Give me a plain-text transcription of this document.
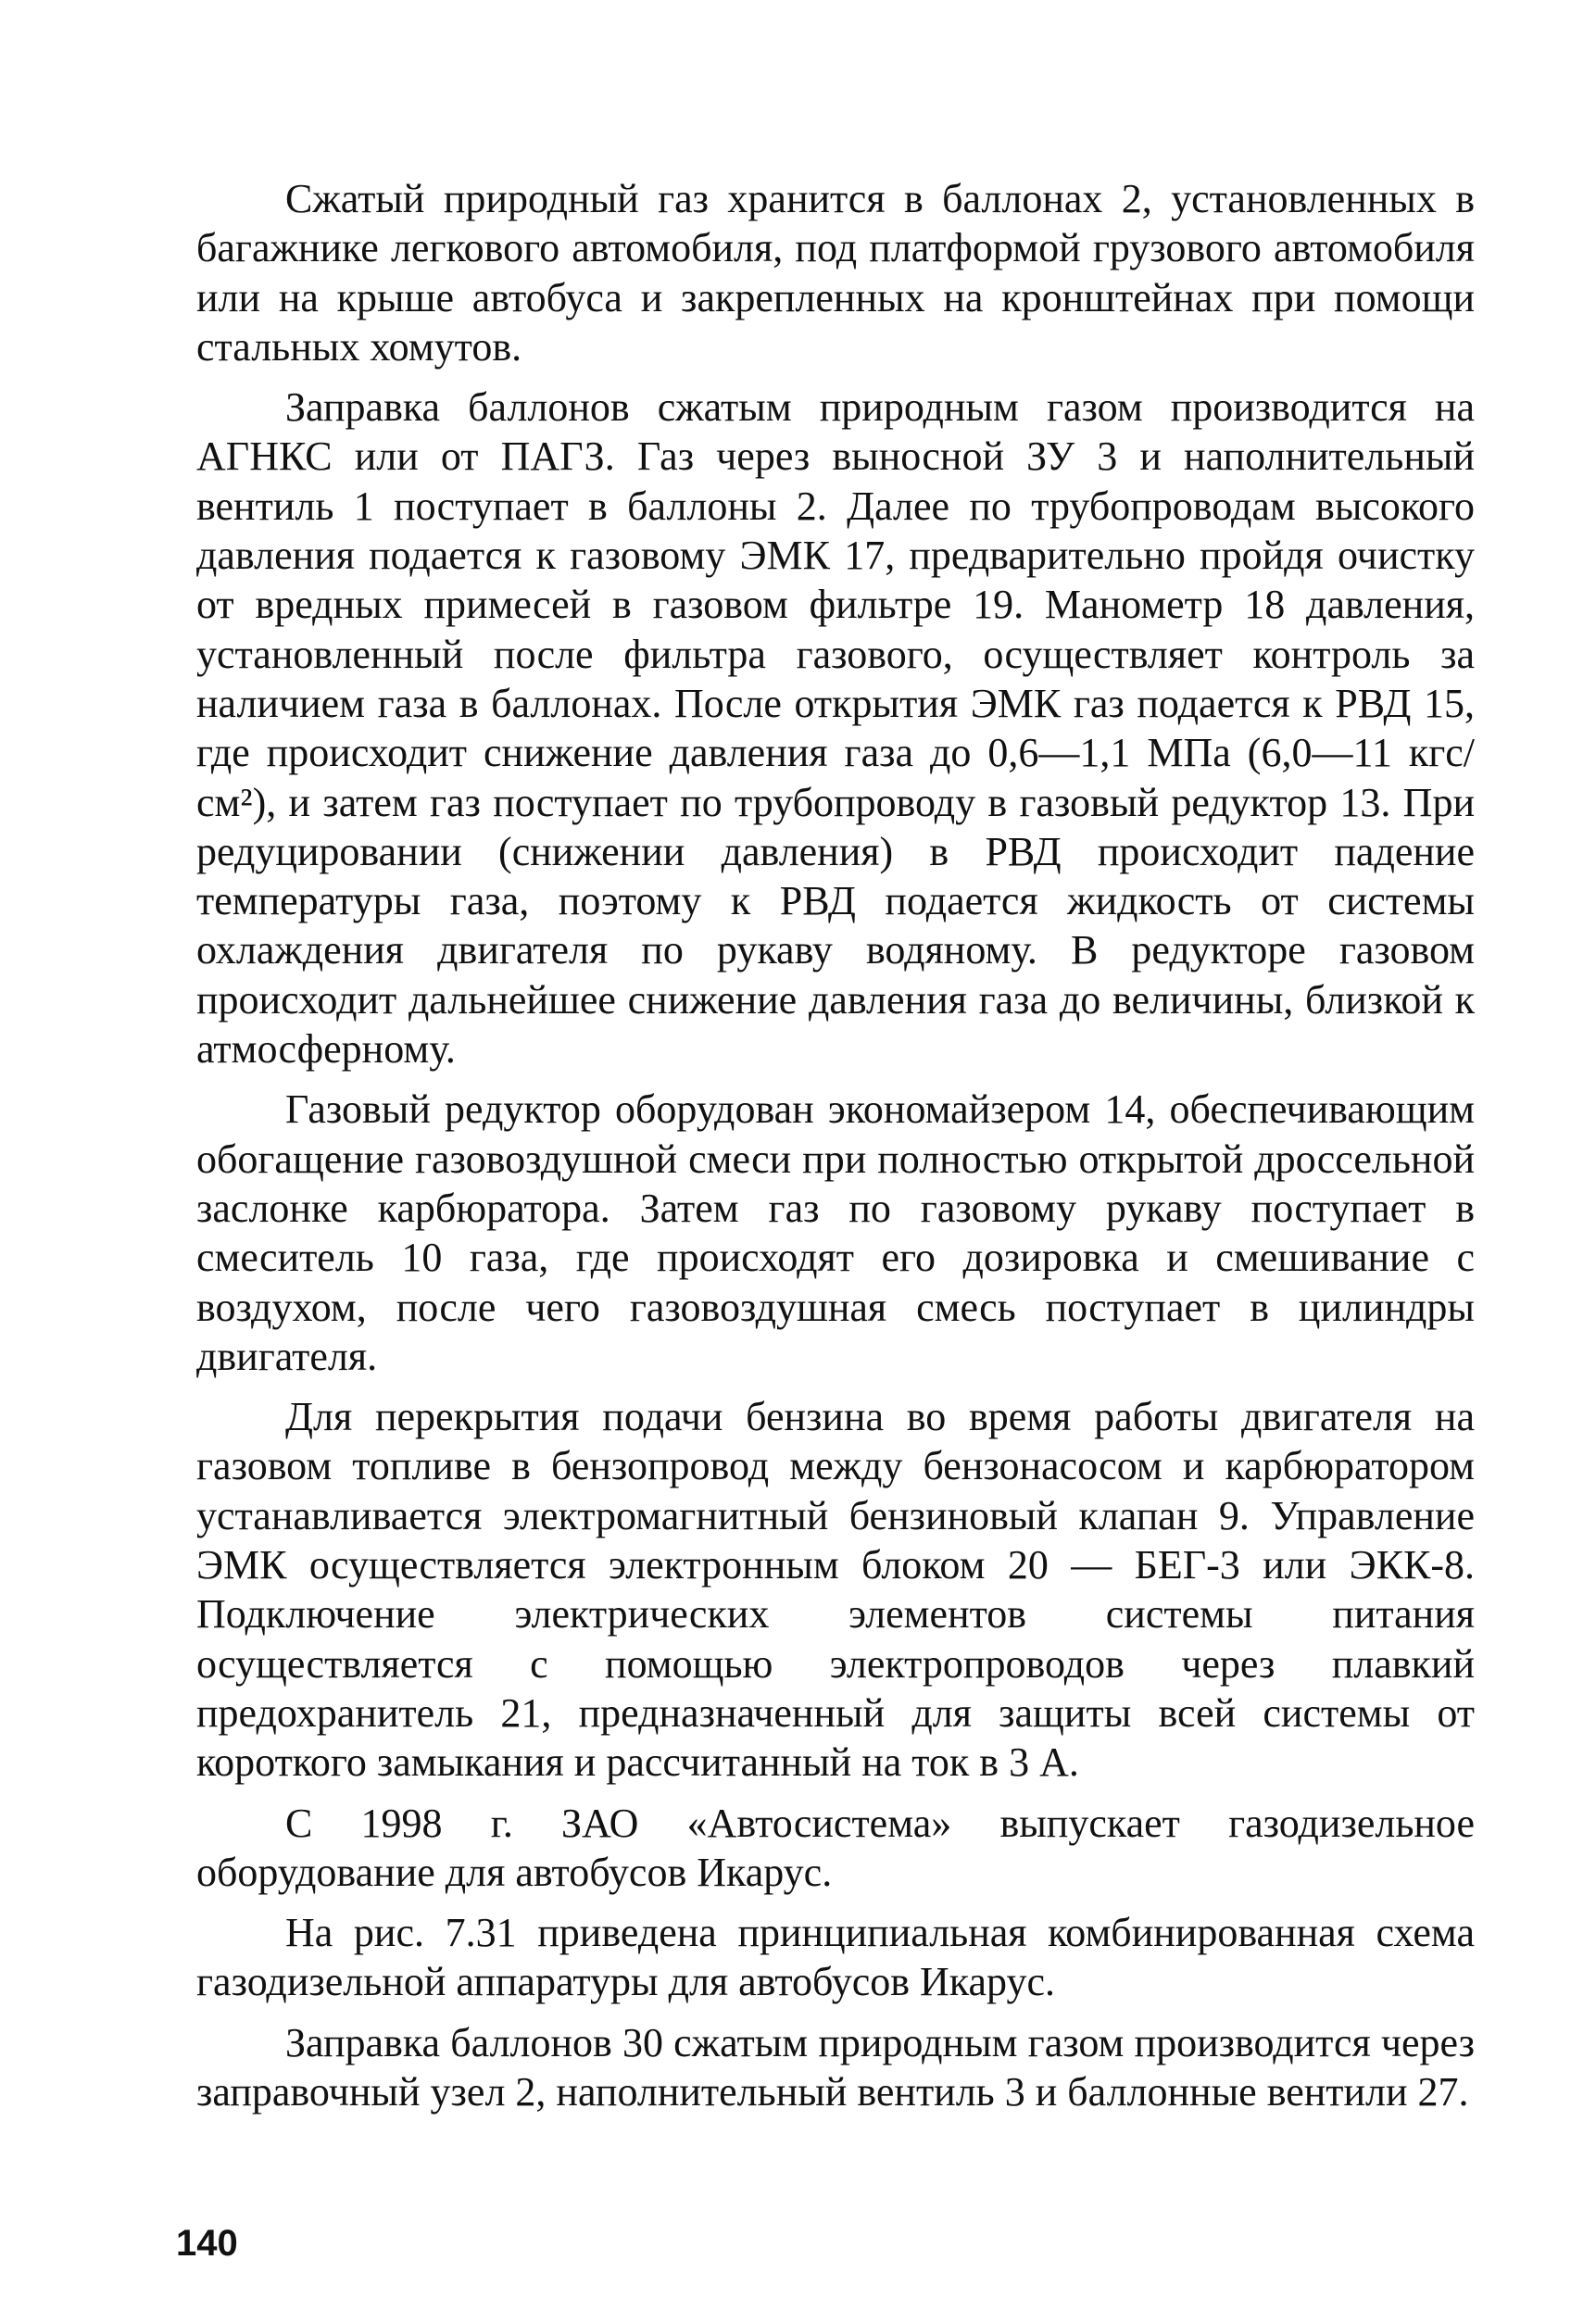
Сжатый природный газ хранится в баллонах 2, установленных в багажнике легкового автомобиля, под платформой грузового автомобиля или на крыше автобуса и закрепленных на кронштейнах при помощи стальных хомутов.

Заправка баллонов сжатым природным газом производится на АГНКС или от ПАГЗ. Газ через выносной ЗУ 3 и наполнительный вентиль 1 поступает в баллоны 2. Далее по трубопроводам высокого давления подается к газовому ЭМК 17, предварительно пройдя очистку от вредных примесей в газовом фильтре 19. Манометр 18 давления, установленный после фильтра газового, осуществляет контроль за наличием газа в баллонах. После открытия ЭМК газ подается к РВД 15, где происходит снижение давления газа до 0,6—1,1 МПа (6,0—11 кгс/см²), и затем газ поступает по трубопроводу в газовый редуктор 13. При редуцировании (снижении давления) в РВД происходит падение температуры газа, поэтому к РВД подается жидкость от системы охлаждения двигателя по рукаву водяному. В редукторе газовом происходит дальнейшее снижение давления газа до величины, близкой к атмосферному.

Газовый редуктор оборудован экономайзером 14, обеспечивающим обогащение газовоздушной смеси при полностью открытой дроссельной заслонке карбюратора. Затем газ по газовому рукаву поступает в смеситель 10 газа, где происходят его дозировка и смешивание с воздухом, после чего газовоздушная смесь поступает в цилиндры двигателя.

Для перекрытия подачи бензина во время работы двигателя на газовом топливе в бензопровод между бензонасосом и карбюратором устанавливается электромагнитный бензиновый клапан 9. Управление ЭМК осуществляется электронным блоком 20 — БЕГ-3 или ЭКК-8. Подключение электрических элементов системы питания осуществляется с помощью электропроводов через плавкий предохранитель 21, предназначенный для защиты всей системы от короткого замыкания и рассчитанный на ток в 3 А.

С 1998 г. ЗАО «Автосистема» выпускает газодизельное оборудование для автобусов Икарус.

На рис. 7.31 приведена принципиальная комбинированная схема газодизельной аппаратуры для автобусов Икарус.

Заправка баллонов 30 сжатым природным газом производится через заправочный узел 2, наполнительный вентиль 3 и баллонные вентили 27.

140
